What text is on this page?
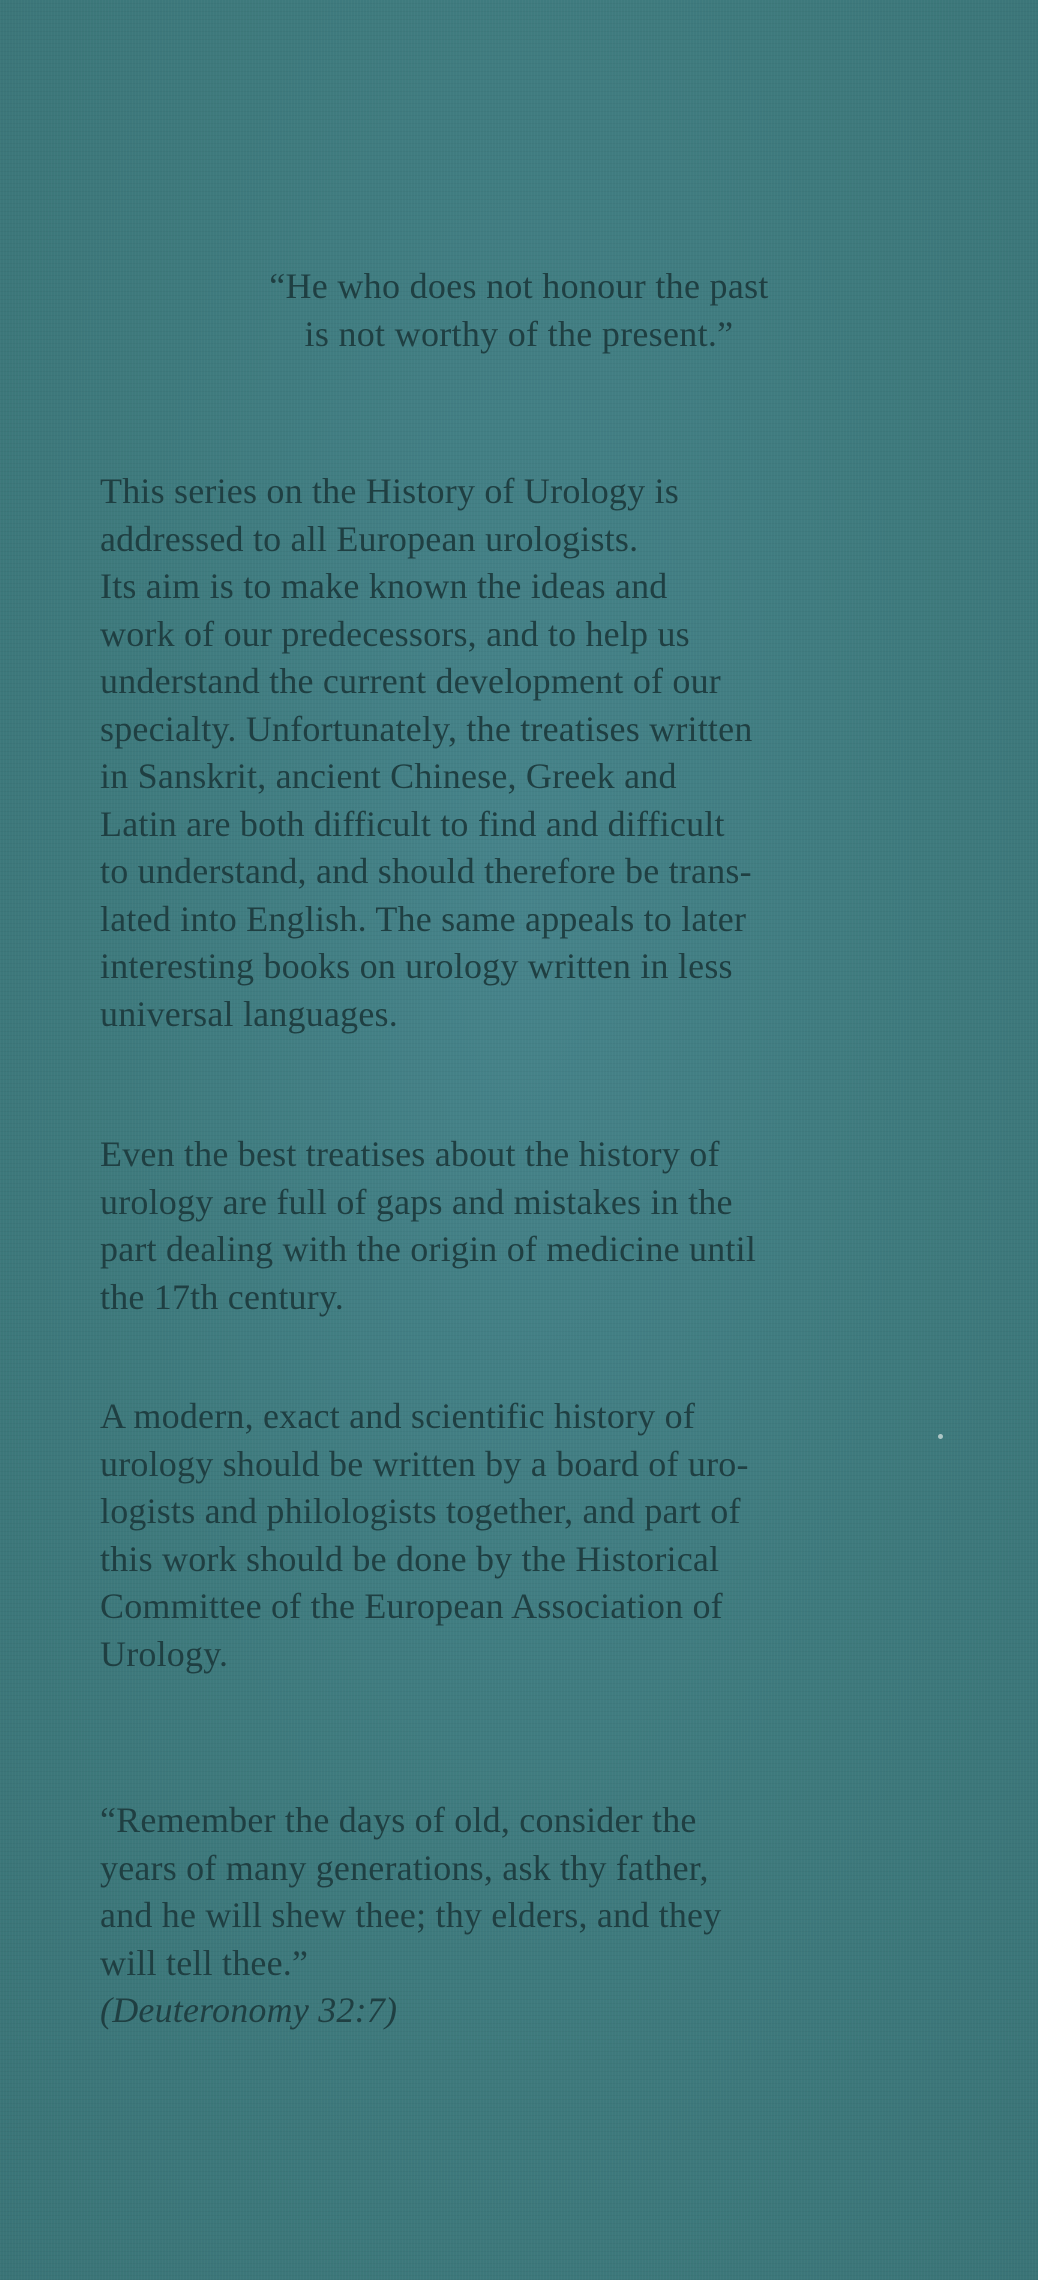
“He who does not honour the past
is not worthy of the present.”
This series on the History of Urology is
addressed to all European urologists.
Its aim is to make known the ideas and
work of our predecessors, and to help us
understand the current development of our
specialty. Unfortunately, the treatises written
in Sanskrit, ancient Chinese, Greek and
Latin are both difficult to find and difficult
to understand, and should therefore be trans-
lated into English. The same appeals to later
interesting books on urology written in less
universal languages.
Even the best treatises about the history of
urology are full of gaps and mistakes in the
part dealing with the origin of medicine until
the 17th century.
A modern, exact and scientific history of
urology should be written by a board of uro-
logists and philologists together, and part of
this work should be done by the Historical
Committee of the European Association of
Urology.
“Remember the days of old, consider the
years of many generations, ask thy father,
and he will shew thee; thy elders, and they
will tell thee.”
(Deuteronomy 32:7)
